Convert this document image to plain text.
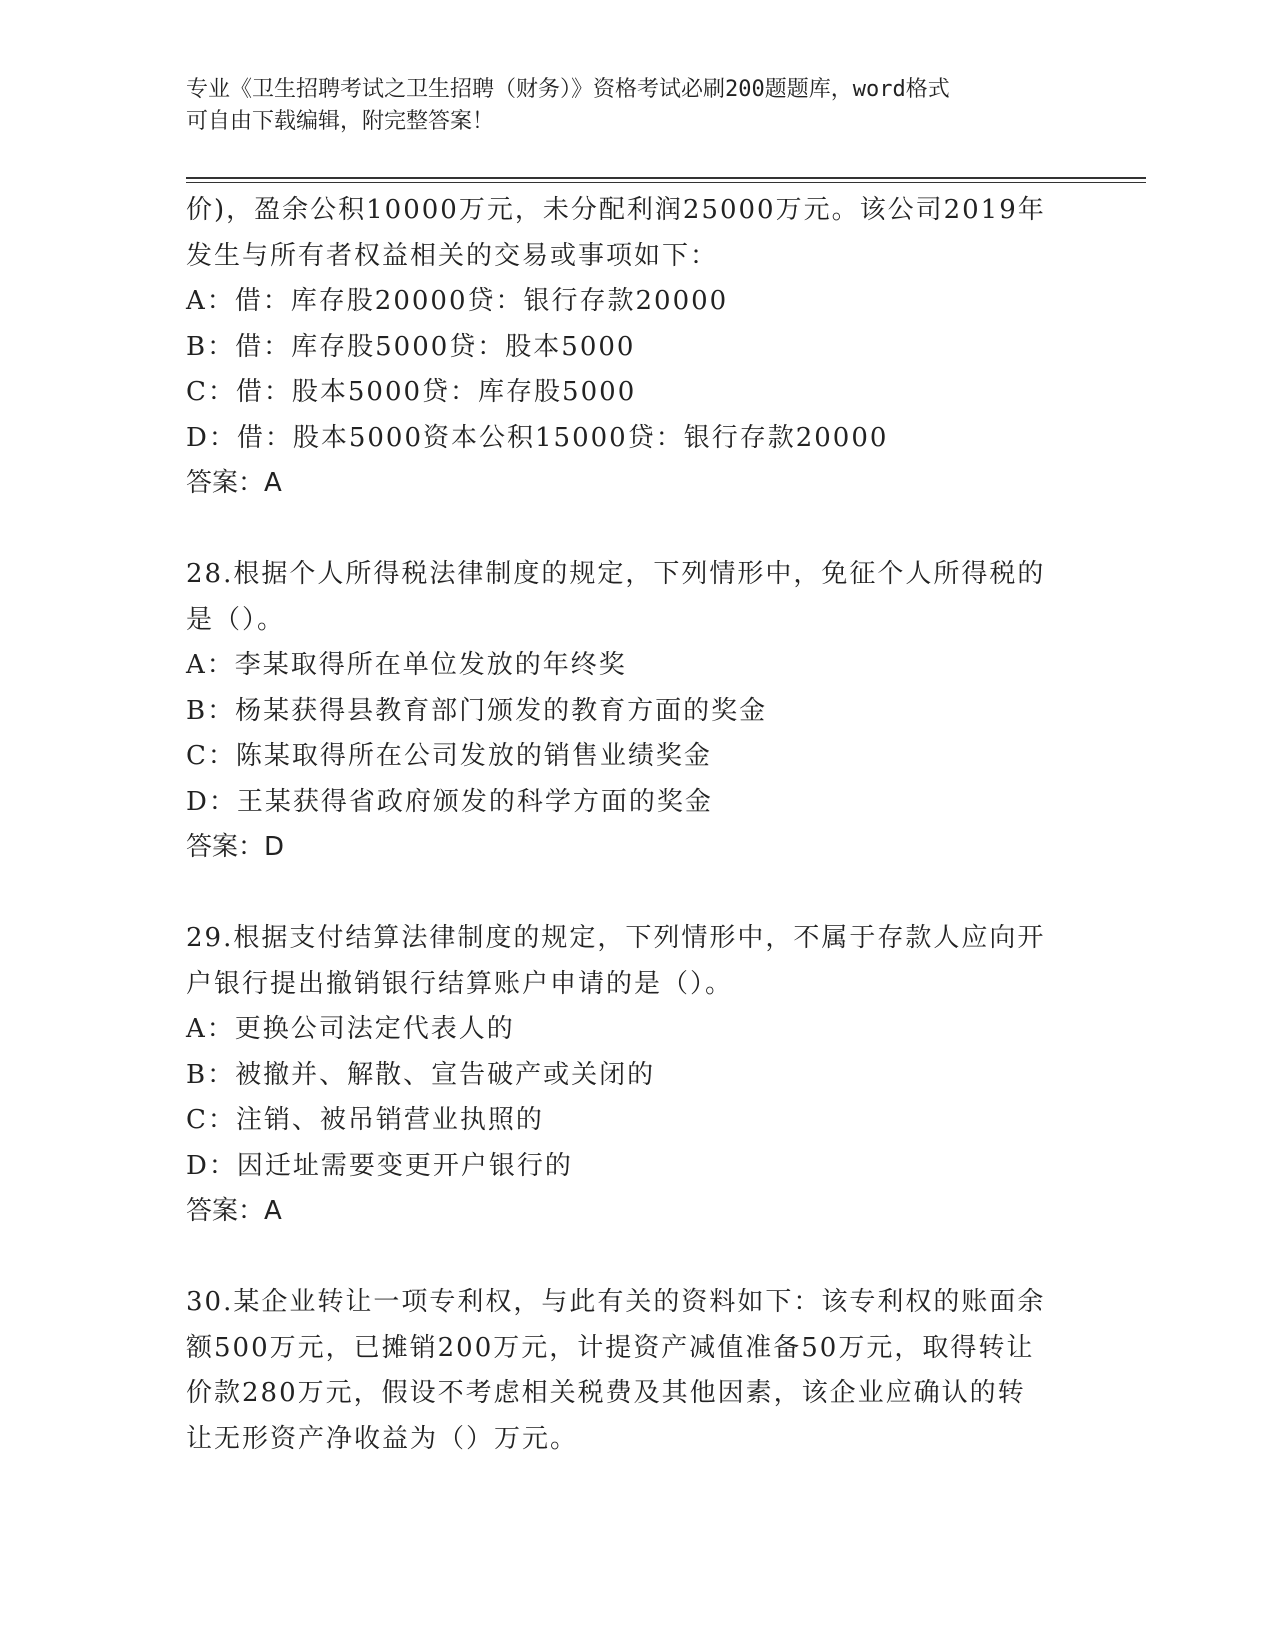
专业《卫生招聘考试之卫生招聘（财务）》资格考试必刷200题题库，word格式
可自由下载编辑，附完整答案！
价)，盈余公积10000万元，未分配利润25000万元。该公司2019年
发生与所有者权益相关的交易或事项如下：
A：借：库存股20000贷：银行存款20000
B：借：库存股5000贷：股本5000
C：借：股本5000贷：库存股5000
D：借：股本5000资本公积15000贷：银行存款20000
答案：A
28.根据个人所得税法律制度的规定，下列情形中，免征个人所得税的
是（）。
A：李某取得所在单位发放的年终奖
B：杨某获得县教育部门颁发的教育方面的奖金
C：陈某取得所在公司发放的销售业绩奖金
D：王某获得省政府颁发的科学方面的奖金
答案：D
29.根据支付结算法律制度的规定，下列情形中，不属于存款人应向开
户银行提出撤销银行结算账户申请的是（）。
A：更换公司法定代表人的
B：被撤并、解散、宣告破产或关闭的
C：注销、被吊销营业执照的
D：因迁址需要变更开户银行的
答案：A
30.某企业转让一项专利权，与此有关的资料如下：该专利权的账面余
额500万元，已摊销200万元，计提资产减值准备50万元，取得转让
价款280万元，假设不考虑相关税费及其他因素，该企业应确认的转
让无形资产净收益为（）万元。
